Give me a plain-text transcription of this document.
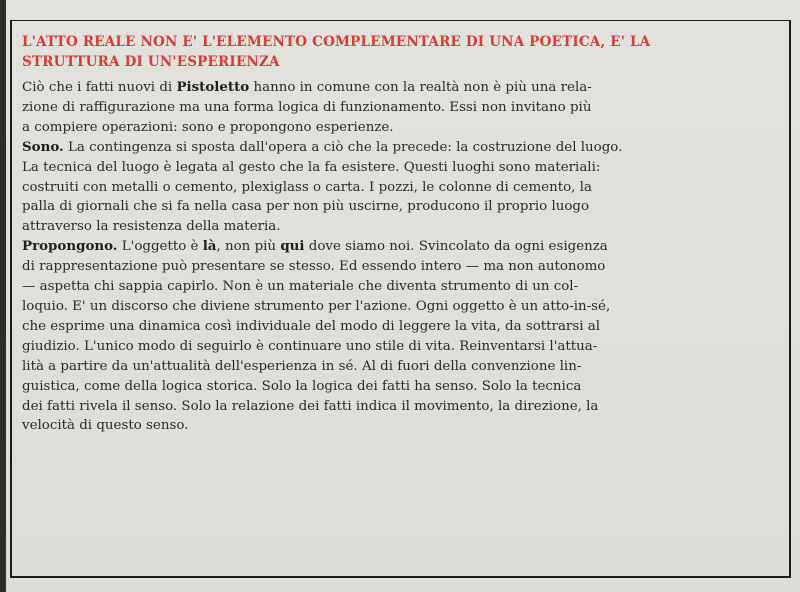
L'ATTO REALE NON E' L'ELEMENTO COMPLEMENTARE DI UNA POETICA, E' LA
STRUTTURA DI UN'ESPERIENZA
Ciò che i fatti nuovi di Pistoletto hanno in comune con la realtà non è più una rela-
zione di raffigurazione ma una forma logica di funzionamento. Essi non invitano più
a compiere operazioni: sono e propongono esperienze.
Sono. La contingenza si sposta dall'opera a ciò che la precede: la costruzione del luogo.
La tecnica del luogo è legata al gesto che la fa esistere. Questi luoghi sono materiali:
costruiti con metalli o cemento, plexiglass o carta. I pozzi, le colonne di cemento, la
palla di giornali che si fa nella casa per non più uscirne, producono il proprio luogo
attraverso la resistenza della materia.
Propongono. L'oggetto è là, non più qui dove siamo noi. Svincolato da ogni esigenza
di rappresentazione può presentare se stesso. Ed essendo intero — ma non autonomo
— aspetta chi sappia capirlo. Non è un materiale che diventa strumento di un col-
loquio. E' un discorso che diviene strumento per l'azione. Ogni oggetto è un atto-in-sé,
che esprime una dinamica così individuale del modo di leggere la vita, da sottrarsi al
giudizio. L'unico modo di seguirlo è continuare uno stile di vita. Reinventarsi l'attua-
lità a partire da un'attualità dell'esperienza in sé. Al di fuori della convenzione lin-
guistica, come della logica storica. Solo la logica dei fatti ha senso. Solo la tecnica
dei fatti rivela il senso. Solo la relazione dei fatti indica il movimento, la direzione, la
velocità di questo senso.
